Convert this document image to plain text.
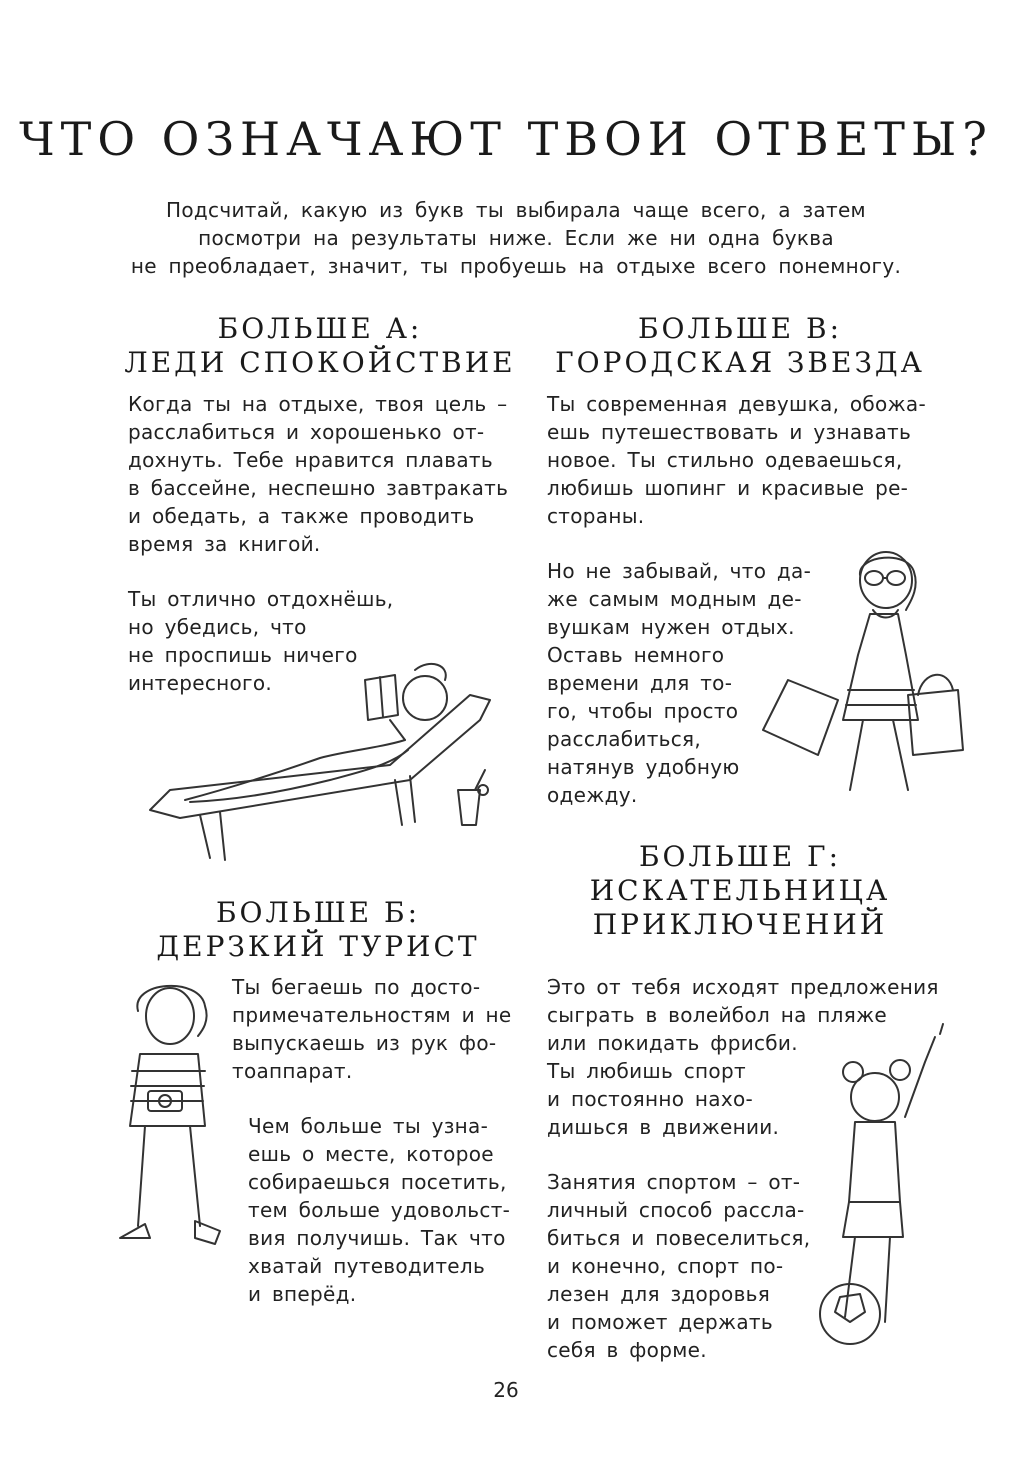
ЧТО ОЗНАЧАЮТ ТВОИ ОТВЕТЫ?
Подсчитай, какую из букв ты выбирала чаще всего, а затем
посмотри на результаты ниже. Если же ни одна буква
не преобладает, значит, ты пробуешь на отдыхе всего понемногу.
БОЛЬШЕ А:
ЛЕДИ СПОКОЙСТВИЕ
Когда ты на отдыхе, твоя цель –
расслабиться и хорошенько от-
дохнуть. Тебе нравится плавать
в бассейне, неспешно завтракать
и обедать, а также проводить
время за книгой.
Ты отлично отдохнёшь,
но убедись, что
не проспишь ничего
интересного.
БОЛЬШЕ В:
ГОРОДСКАЯ ЗВЕЗДА
Ты современная девушка, обожа-
ешь путешествовать и узнавать
новое. Ты стильно одеваешься,
любишь шопинг и красивые ре-
стораны.
Но не забывай, что да-
же самым модным де-
вушкам нужен отдых.
Оставь немного
времени для то-
го, чтобы просто
расслабиться,
натянув удобную
одежду.
БОЛЬШЕ Б:
ДЕРЗКИЙ ТУРИСТ
Ты бегаешь по досто-
примечательностям и не
выпускаешь из рук фо-
тоаппарат.
Чем больше ты узна-
ешь о месте, которое
собираешься посетить,
тем больше удовольст-
вия получишь. Так что
хватай путеводитель
и вперёд.
БОЛЬШЕ Г:
ИСКАТЕЛЬНИЦА
ПРИКЛЮЧЕНИЙ
Это от тебя исходят предложения
сыграть в волейбол на пляже
или покидать фрисби.
Ты любишь спорт
и постоянно нахо-
дишься в движении.
Занятия спортом – от-
личный способ рассла-
биться и повеселиться,
и конечно, спорт по-
лезен для здоровья
и поможет держать
себя в форме.
26
